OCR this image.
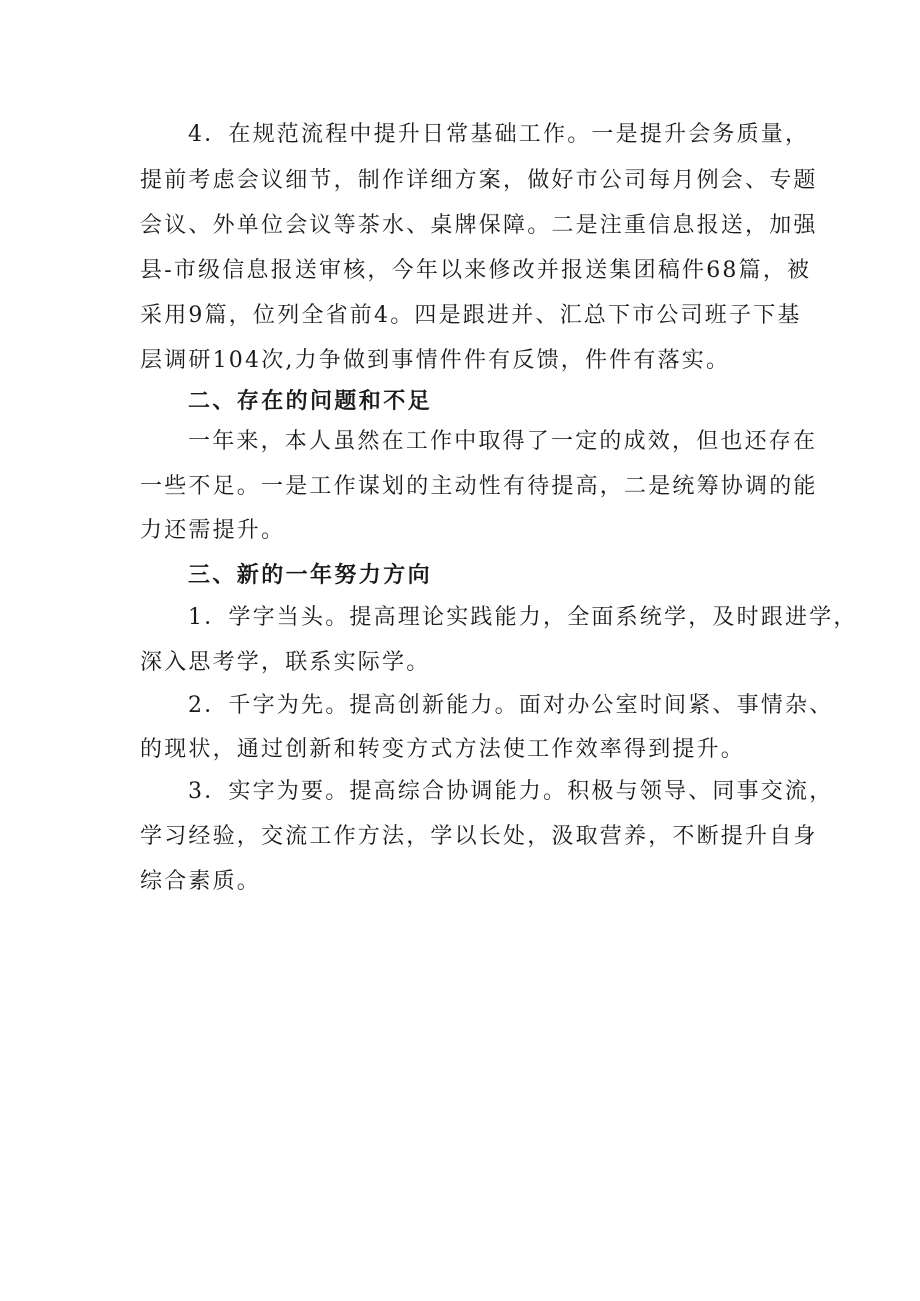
4．在规范流程中提升日常基础工作。一是提升会务质量，
提前考虑会议细节，制作详细方案，做好市公司每月例会、专题
会议、外单位会议等茶水、桌牌保障。二是注重信息报送，加强
县-市级信息报送审核，今年以来修改并报送集团稿件68篇，被
采用9篇，位列全省前4。四是跟进并、汇总下市公司班子下基
层调研104次,力争做到事情件件有反馈，件件有落实。
二、存在的问题和不足
一年来，本人虽然在工作中取得了一定的成效，但也还存在
一些不足。一是工作谋划的主动性有待提高，二是统筹协调的能
力还需提升。
三、新的一年努力方向
1．学字当头。提高理论实践能力，全面系统学，及时跟进学，
深入思考学，联系实际学。
2．千字为先。提高创新能力。面对办公室时间紧、事情杂、
的现状，通过创新和转变方式方法使工作效率得到提升。
3．实字为要。提高综合协调能力。积极与领导、同事交流，
学习经验，交流工作方法，学以长处，汲取营养，不断提升自身
综合素质。
